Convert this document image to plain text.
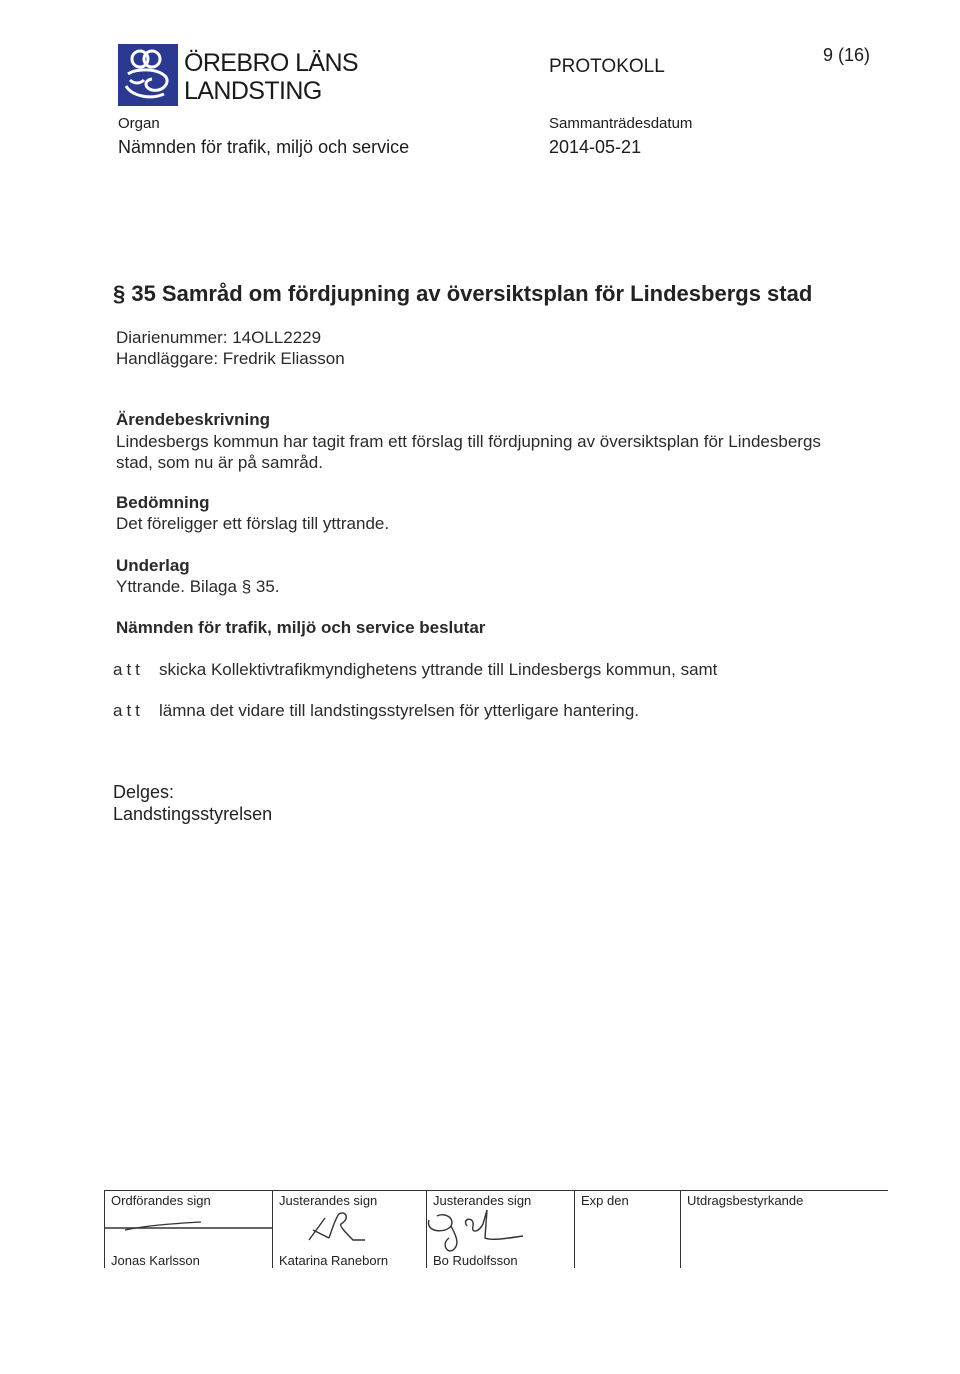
ÖREBRO LÄNS
LANDSTING
PROTOKOLL
9 (16)
Organ
Nämnden för trafik, miljö och service
Sammanträdesdatum
2014-05-21
§ 35 Samråd om fördjupning av översiktsplan för Lindesbergs stad
Diarienummer: 14OLL2229
Handläggare: Fredrik Eliasson
Ärendebeskrivning
Lindesbergs kommun har tagit fram ett förslag till fördjupning av översiktsplan för Lindesbergs
stad, som nu är på samråd.
Bedömning
Det föreligger ett förslag till yttrande.
Underlag
Yttrande. Bilaga § 35.
Nämnden för trafik, miljö och service beslutar
att skicka Kollektivtrafikmyndighetens yttrande till Lindesbergs kommun, samt
att lämna det vidare till landstingsstyrelsen för ytterligare hantering.
Delges:
Landstingsstyrelsen
Ordförandes sign
Jonas Karlsson
Justerandes sign
Katarina Raneborn
Justerandes sign
Bo Rudolfsson
Exp den	Utdragsbestyrkande
